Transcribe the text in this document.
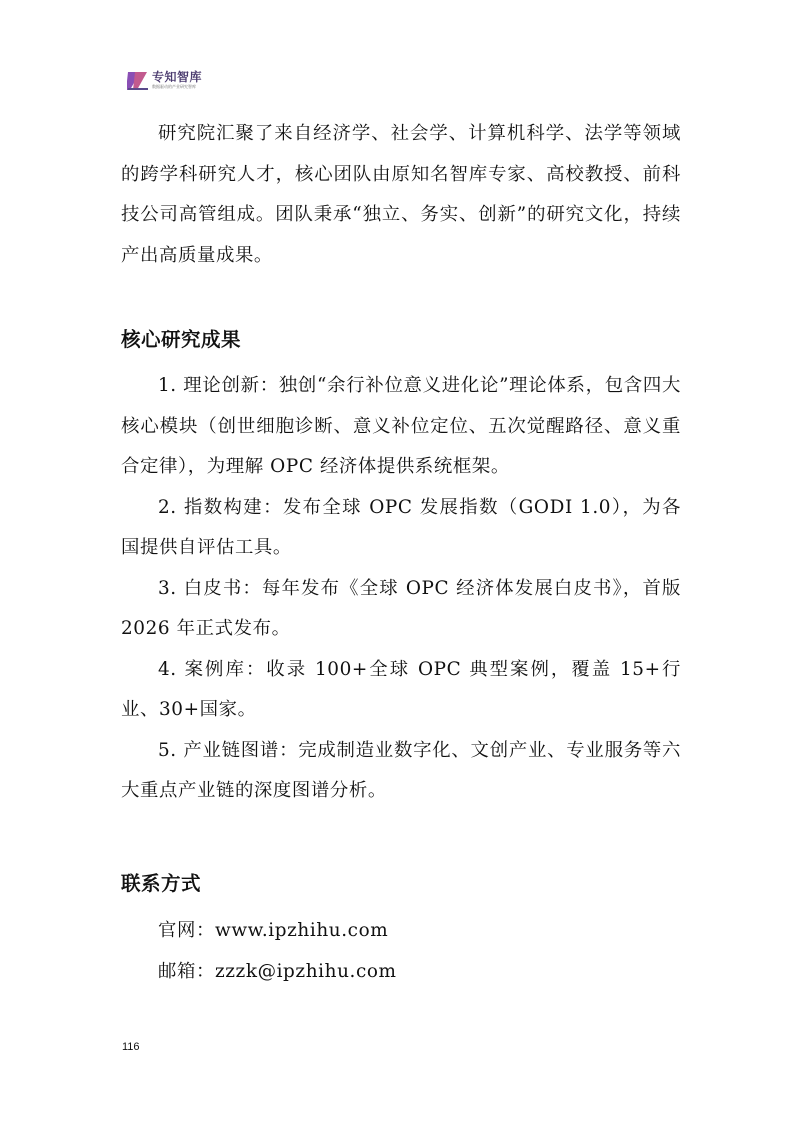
专知智库
数据驱动的产业研究智库

研究院汇聚了来自经济学、社会学、计算机科学、法学等领域的跨学科研究人才，核心团队由原知名智库专家、高校教授、前科技公司高管组成。团队秉承“独立、务实、创新”的研究文化，持续产出高质量成果。

核心研究成果

1. 理论创新：独创“余行补位意义进化论”理论体系，包含四大核心模块（创世细胞诊断、意义补位定位、五次觉醒路径、意义重合定律），为理解 OPC 经济体提供系统框架。

2. 指数构建：发布全球 OPC 发展指数（GODI 1.0），为各国提供自评估工具。

3. 白皮书：每年发布《全球 OPC 经济体发展白皮书》，首版 2026 年正式发布。

4. 案例库：收录 100+全球 OPC 典型案例，覆盖 15+行业、30+国家。

5. 产业链图谱：完成制造业数字化、文创产业、专业服务等六大重点产业链的深度图谱分析。

联系方式

官网：www.ipzhihu.com

邮箱：zzzk@ipzhihu.com

116
